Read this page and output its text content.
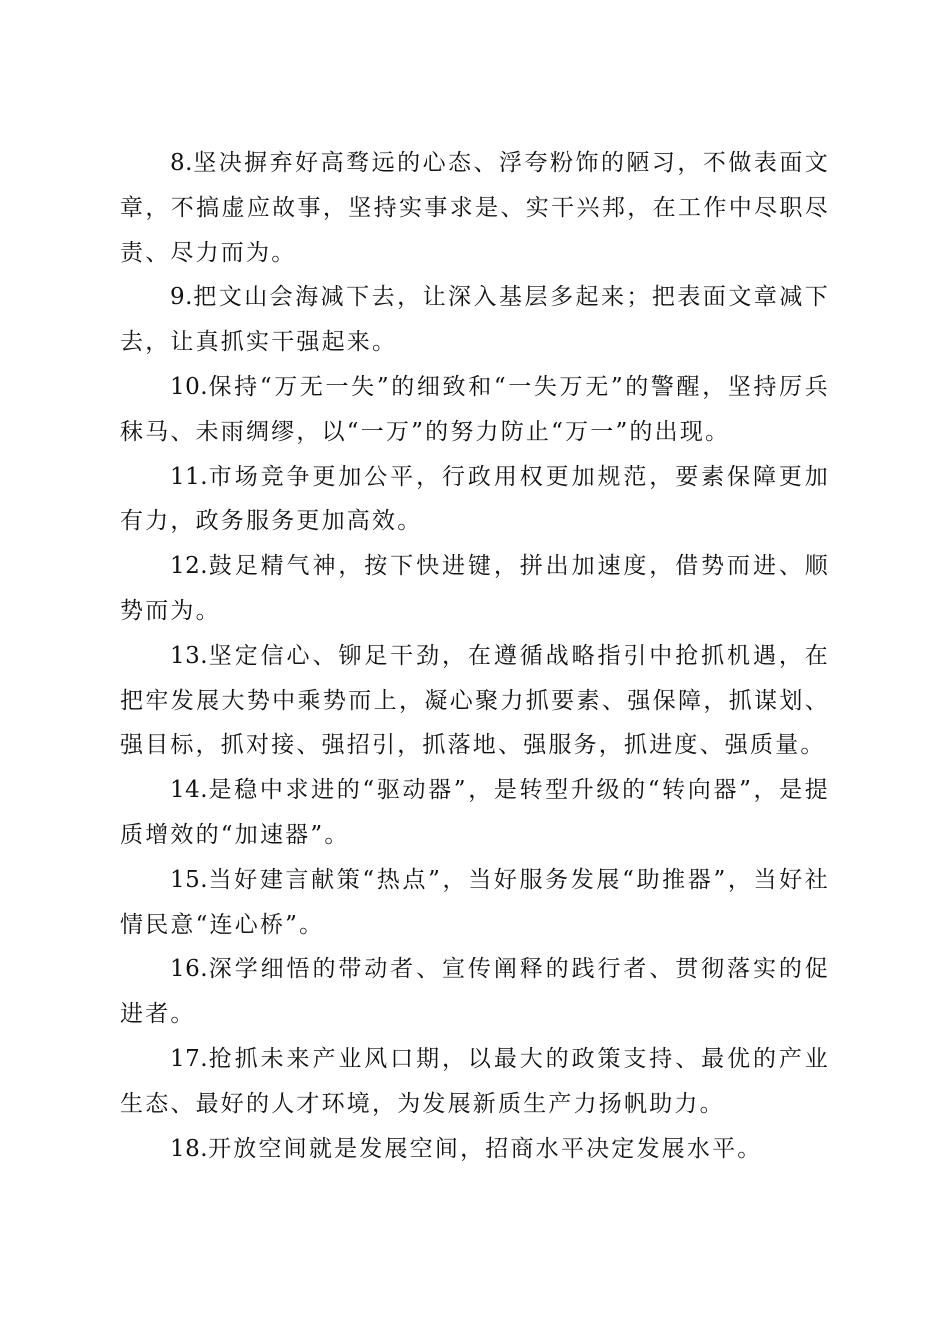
8.坚决摒弃好高骛远的心态、浮夸粉饰的陋习，不做表面文章，不搞虚应故事，坚持实事求是、实干兴邦，在工作中尽职尽责、尽力而为。

9.把文山会海减下去，让深入基层多起来；把表面文章减下去，让真抓实干强起来。

10.保持“万无一失”的细致和“一失万无”的警醒，坚持厉兵秣马、未雨绸缪，以“一万”的努力防止“万一”的出现。

11.市场竞争更加公平，行政用权更加规范，要素保障更加有力，政务服务更加高效。

12.鼓足精气神，按下快进键，拼出加速度，借势而进、顺势而为。

13.坚定信心、铆足干劲，在遵循战略指引中抢抓机遇，在把牢发展大势中乘势而上，凝心聚力抓要素、强保障，抓谋划、强目标，抓对接、强招引，抓落地、强服务，抓进度、强质量。

14.是稳中求进的“驱动器”，是转型升级的“转向器”，是提质增效的“加速器”。

15.当好建言献策“热点”，当好服务发展“助推器”，当好社情民意“连心桥”。

16.深学细悟的带动者、宣传阐释的践行者、贯彻落实的促进者。

17.抢抓未来产业风口期，以最大的政策支持、最优的产业生态、最好的人才环境，为发展新质生产力扬帆助力。

18.开放空间就是发展空间，招商水平决定发展水平。
